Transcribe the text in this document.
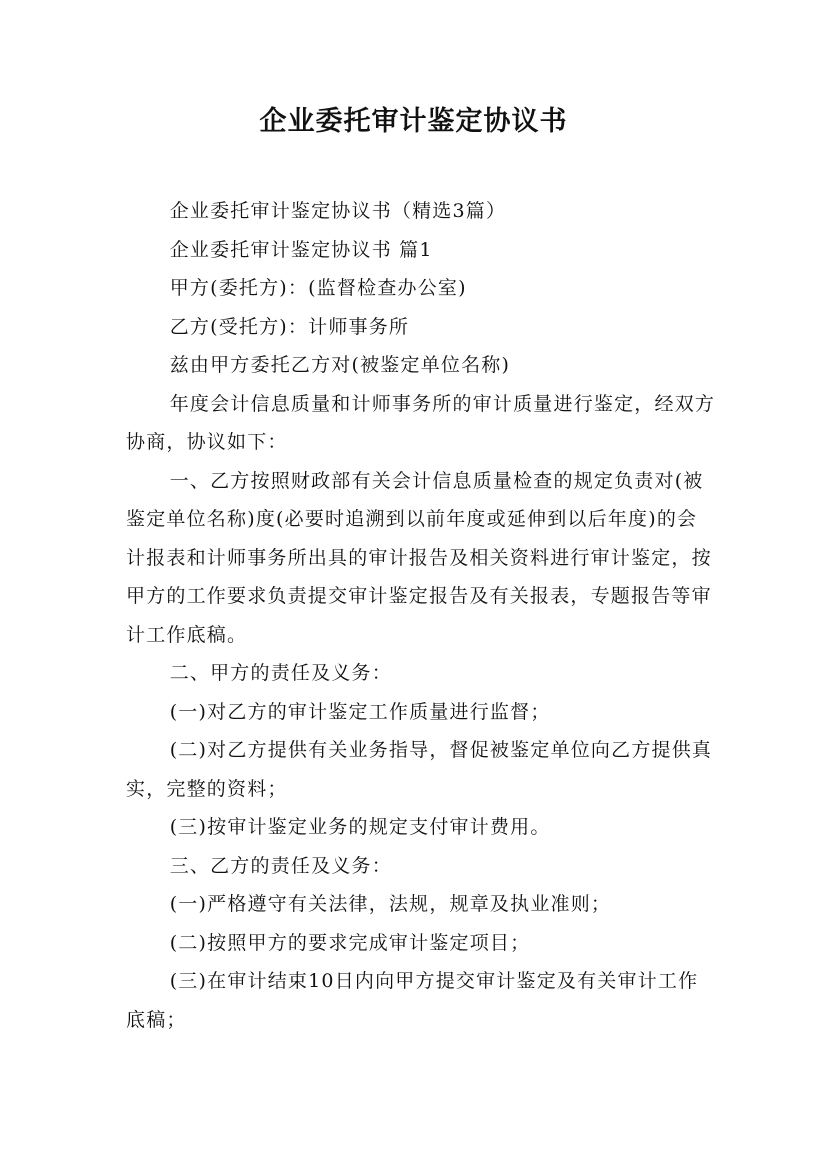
企业委托审计鉴定协议书

企业委托审计鉴定协议书（精选3篇）

企业委托审计鉴定协议书 篇1

甲方(委托方)：(监督检查办公室)

乙方(受托方)：计师事务所

兹由甲方委托乙方对(被鉴定单位名称)

年度会计信息质量和计师事务所的审计质量进行鉴定，经双方协商，协议如下：

一、乙方按照财政部有关会计信息质量检查的规定负责对(被鉴定单位名称)度(必要时追溯到以前年度或延伸到以后年度)的会计报表和计师事务所出具的审计报告及相关资料进行审计鉴定，按甲方的工作要求负责提交审计鉴定报告及有关报表，专题报告等审计工作底稿。

二、甲方的责任及义务：

(一)对乙方的审计鉴定工作质量进行监督；

(二)对乙方提供有关业务指导，督促被鉴定单位向乙方提供真实，完整的资料；

(三)按审计鉴定业务的规定支付审计费用。

三、乙方的责任及义务：

(一)严格遵守有关法律，法规，规章及执业准则；

(二)按照甲方的要求完成审计鉴定项目；

(三)在审计结束10日内向甲方提交审计鉴定及有关审计工作底稿；
